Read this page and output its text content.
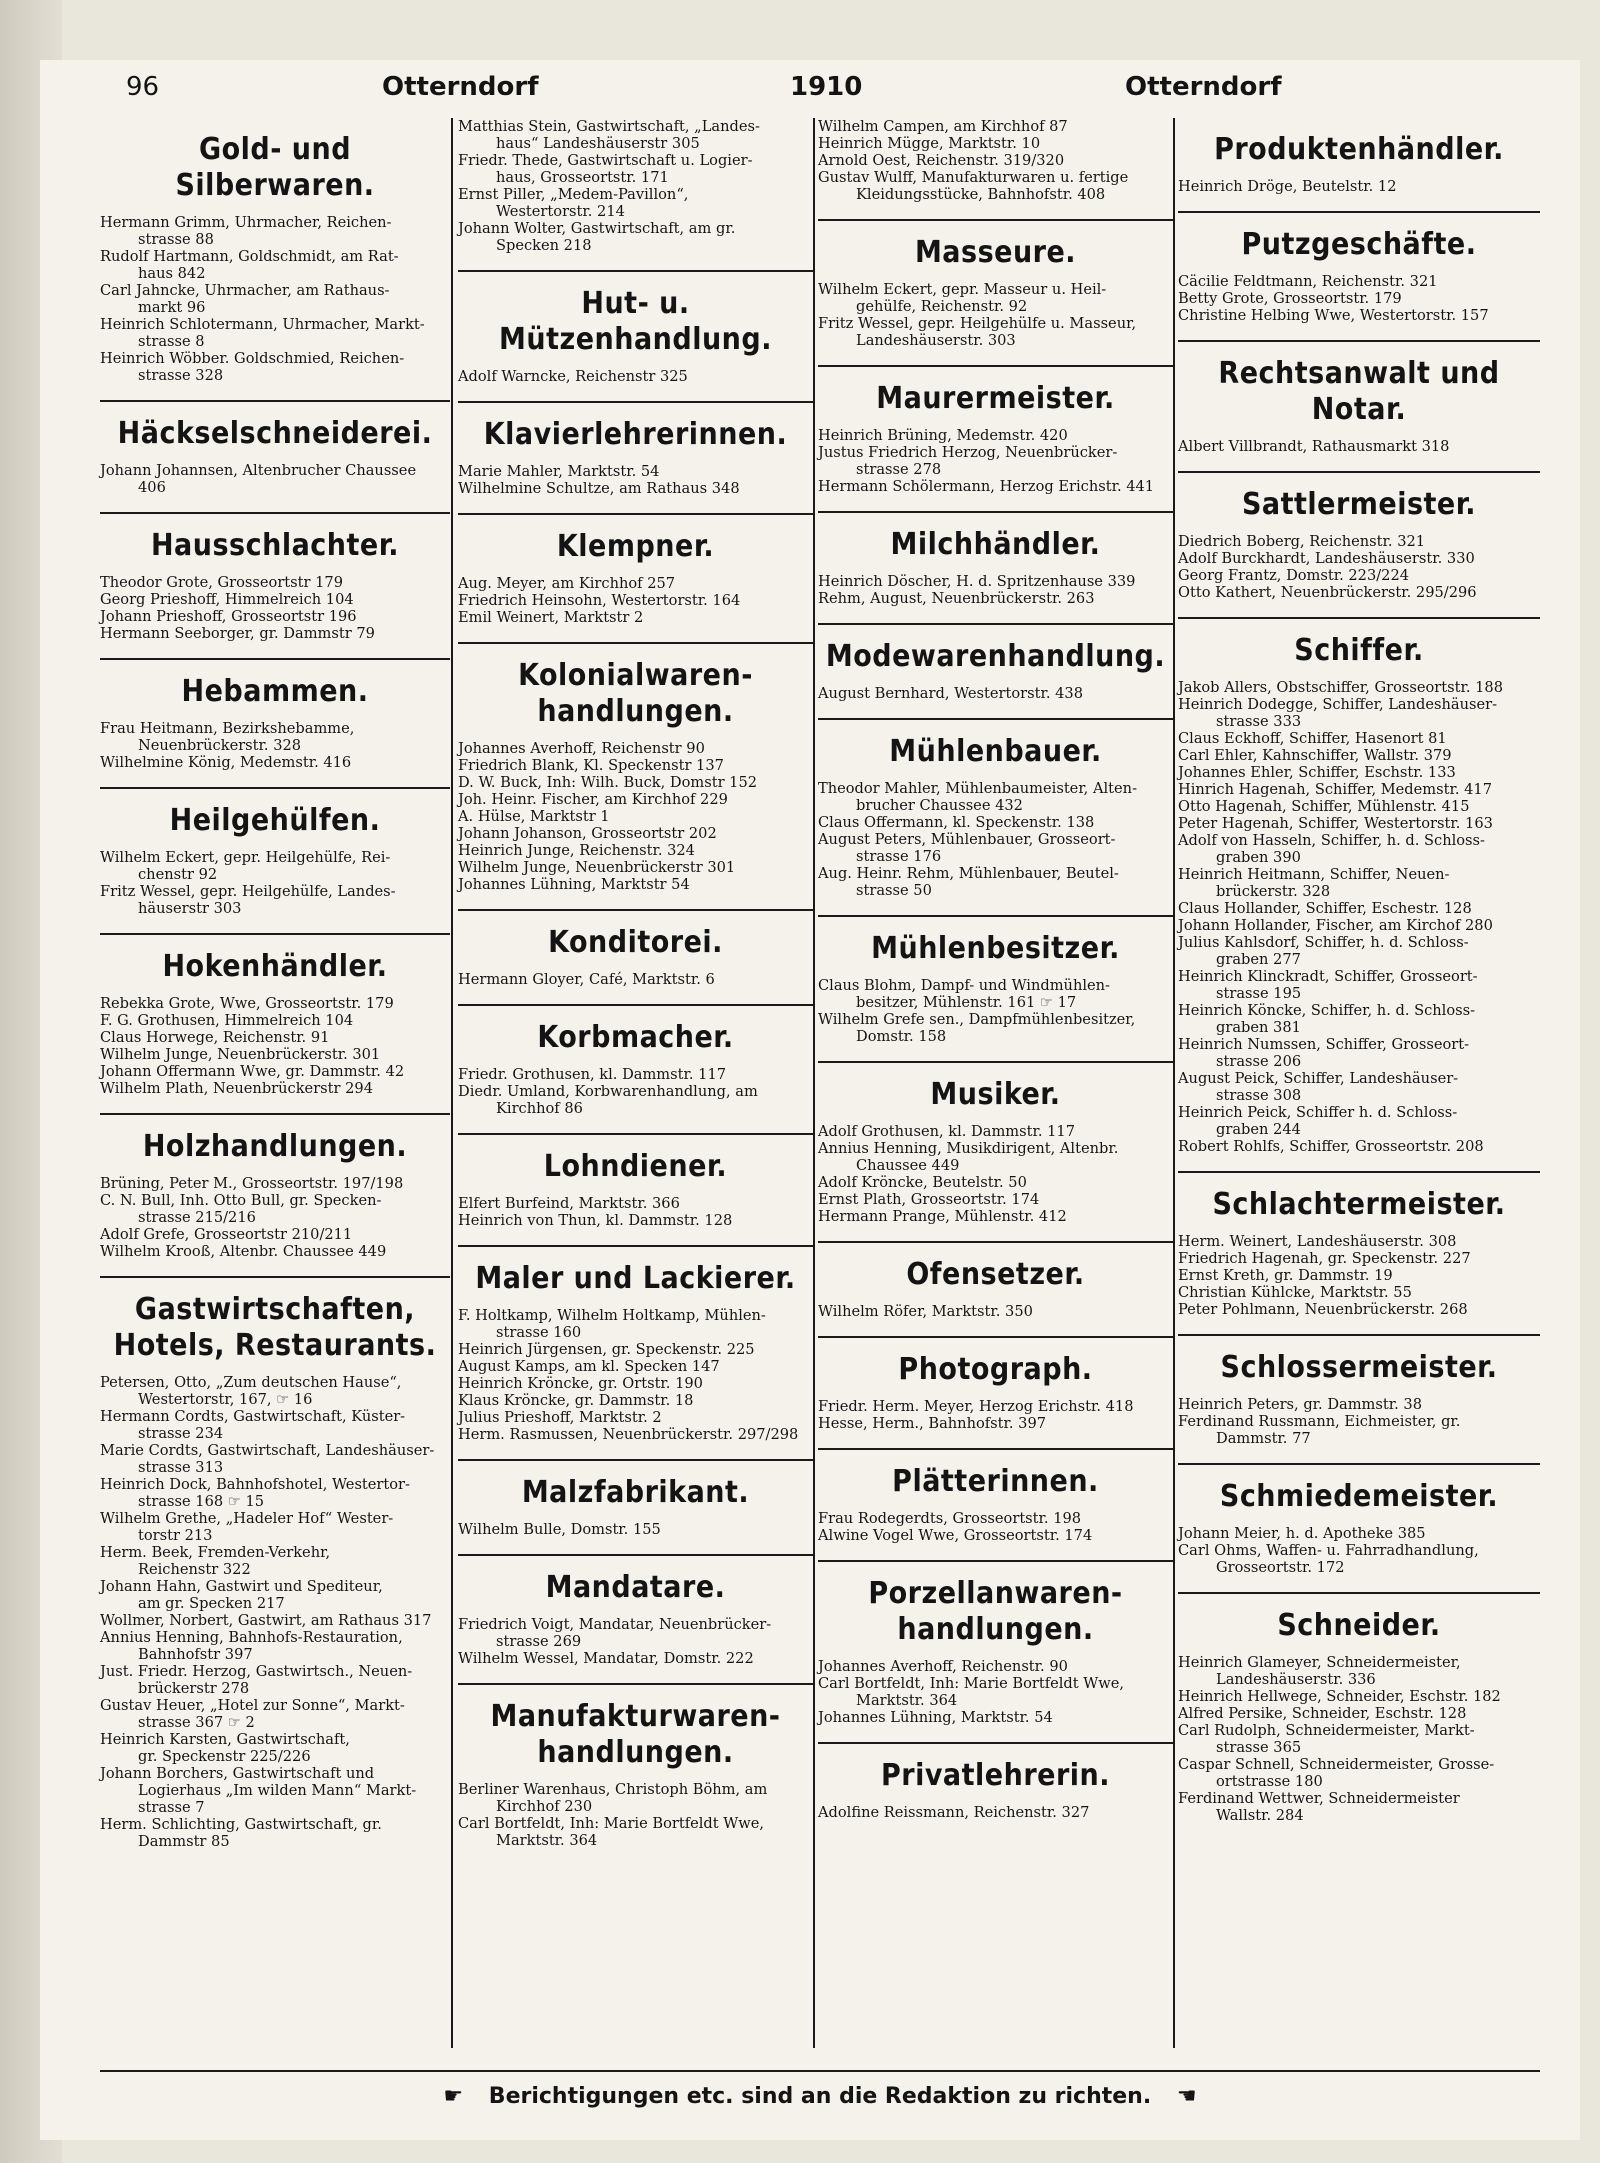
96	Otterndorf	1910	Otterndorf
Gold- und Silberwaren.
Hermann Grimm, Uhrmacher, Reichen-
strasse 88
Rudolf Hartmann, Goldschmidt, am Rat-
haus 842
Carl Jahncke, Uhrmacher, am Rathaus-
markt 96
Heinrich Schlotermann, Uhrmacher, Markt-
strasse 8
Heinrich Wöbber. Goldschmied, Reichen-
strasse 328
Häckselschneiderei.
Johann Johannsen, Altenbrucher Chaussee
406
Hausschlachter.
Theodor Grote, Grosseortstr 179
Georg Prieshoff, Himmelreich 104
Johann Prieshoff, Grosseortstr 196
Hermann Seeborger, gr. Dammstr 79
Hebammen.
Frau Heitmann, Bezirkshebamme,
Neuenbrückerstr. 328
Wilhelmine König, Medemstr. 416
Heilgehülfen.
Wilhelm Eckert, gepr. Heilgehülfe, Rei-
chenstr 92
Fritz Wessel, gepr. Heilgehülfe, Landes-
häuserstr 303
Hokenhändler.
Rebekka Grote, Wwe, Grosseortstr. 179
F. G. Grothusen, Himmelreich 104
Claus Horwege, Reichenstr. 91
Wilhelm Junge, Neuenbrückerstr. 301
Johann Offermann Wwe, gr. Dammstr. 42
Wilhelm Plath, Neuenbrückerstr 294
Holzhandlungen.
Brüning, Peter M., Grosseortstr. 197/198
C. N. Bull, Inh. Otto Bull, gr. Specken-
strasse 215/216
Adolf Grefe, Grosseortstr 210/211
Wilhelm Krooß, Altenbr. Chaussee 449
Gastwirtschaften, Hotels, Restaurants.
Petersen, Otto, „Zum deutschen Hause“,
Westertorstr, 167, ☞ 16
Hermann Cordts, Gastwirtschaft, Küster-
strasse 234
Marie Cordts, Gastwirtschaft, Landeshäuser-
strasse 313
Heinrich Dock, Bahnhofshotel, Westertor-
strasse 168 ☞ 15
Wilhelm Grethe, „Hadeler Hof“ Wester-
torstr 213
Herm. Beek, Fremden-Verkehr,
Reichenstr 322
Johann Hahn, Gastwirt und Spediteur,
am gr. Specken 217
Wollmer, Norbert, Gastwirt, am Rathaus 317
Annius Henning, Bahnhofs-Restauration,
Bahnhofstr 397
Just. Friedr. Herzog, Gastwirtsch., Neuen-
brückerstr 278
Gustav Heuer, „Hotel zur Sonne“, Markt-
strasse 367 ☞ 2
Heinrich Karsten, Gastwirtschaft,
gr. Speckenstr 225/226
Johann Borchers, Gastwirtschaft und
Logierhaus „Im wilden Mann“ Markt-
strasse 7
Herm. Schlichting, Gastwirtschaft, gr.
Dammstr 85
Matthias Stein, Gastwirtschaft, „Landes-
haus“ Landeshäuserstr 305
Friedr. Thede, Gastwirtschaft u. Logier-
haus, Grosseortstr. 171
Ernst Piller, „Medem-Pavillon“,
Westertorstr. 214
Johann Wolter, Gastwirtschaft, am gr.
Specken 218
Hut- u. Mützenhandlung.
Adolf Warncke, Reichenstr 325
Klavierlehrerinnen.
Marie Mahler, Marktstr. 54
Wilhelmine Schultze, am Rathaus 348
Klempner.
Aug. Meyer, am Kirchhof 257
Friedrich Heinsohn, Westertorstr. 164
Emil Weinert, Marktstr 2
Kolonialwaren- handlungen.
Johannes Averhoff, Reichenstr 90
Friedrich Blank, Kl. Speckenstr 137
D. W. Buck, Inh: Wilh. Buck, Domstr 152
Joh. Heinr. Fischer, am Kirchhof 229
A. Hülse, Marktstr 1
Johann Johanson, Grosseortstr 202
Heinrich Junge, Reichenstr. 324
Wilhelm Junge, Neuenbrückerstr 301
Johannes Lühning, Marktstr 54
Konditorei.
Hermann Gloyer, Café, Marktstr. 6
Korbmacher.
Friedr. Grothusen, kl. Dammstr. 117
Diedr. Umland, Korbwarenhandlung, am
Kirchhof 86
Lohndiener.
Elfert Burfeind, Marktstr. 366
Heinrich von Thun, kl. Dammstr. 128
Maler und Lackierer.
F. Holtkamp, Wilhelm Holtkamp, Mühlen-
strasse 160
Heinrich Jürgensen, gr. Speckenstr. 225
August Kamps, am kl. Specken 147
Heinrich Kröncke, gr. Ortstr. 190
Klaus Kröncke, gr. Dammstr. 18
Julius Prieshoff, Marktstr. 2
Herm. Rasmussen, Neuenbrückerstr. 297/298
Malzfabrikant.
Wilhelm Bulle, Domstr. 155
Mandatare.
Friedrich Voigt, Mandatar, Neuenbrücker-
strasse 269
Wilhelm Wessel, Mandatar, Domstr. 222
Manufakturwaren- handlungen.
Berliner Warenhaus, Christoph Böhm, am
Kirchhof 230
Carl Bortfeldt, Inh: Marie Bortfeldt Wwe,
Marktstr. 364
Wilhelm Campen, am Kirchhof 87
Heinrich Mügge, Marktstr. 10
Arnold Oest, Reichenstr. 319/320
Gustav Wulff, Manufakturwaren u. fertige
Kleidungsstücke, Bahnhofstr. 408
Masseure.
Wilhelm Eckert, gepr. Masseur u. Heil-
gehülfe, Reichenstr. 92
Fritz Wessel, gepr. Heilgehülfe u. Masseur,
Landeshäuserstr. 303
Maurermeister.
Heinrich Brüning, Medemstr. 420
Justus Friedrich Herzog, Neuenbrücker-
strasse 278
Hermann Schölermann, Herzog Erichstr. 441
Milchhändler.
Heinrich Döscher, H. d. Spritzenhause 339
Rehm, August, Neuenbrückerstr. 263
Modewarenhandlung.
August Bernhard, Westertorstr. 438
Mühlenbauer.
Theodor Mahler, Mühlenbaumeister, Alten-
brucher Chaussee 432
Claus Offermann, kl. Speckenstr. 138
August Peters, Mühlenbauer, Grosseort-
strasse 176
Aug. Heinr. Rehm, Mühlenbauer, Beutel-
strasse 50
Mühlenbesitzer.
Claus Blohm, Dampf- und Windmühlen-
besitzer, Mühlenstr. 161 ☞ 17
Wilhelm Grefe sen., Dampfmühlenbesitzer,
Domstr. 158
Musiker.
Adolf Grothusen, kl. Dammstr. 117
Annius Henning, Musikdirigent, Altenbr.
Chaussee 449
Adolf Kröncke, Beutelstr. 50
Ernst Plath, Grosseortstr. 174
Hermann Prange, Mühlenstr. 412
Ofensetzer.
Wilhelm Röfer, Marktstr. 350
Photograph.
Friedr. Herm. Meyer, Herzog Erichstr. 418
Hesse, Herm., Bahnhofstr. 397
Plätterinnen.
Frau Rodegerdts, Grosseortstr. 198
Alwine Vogel Wwe, Grosseortstr. 174
Porzellanwaren- handlungen.
Johannes Averhoff, Reichenstr. 90
Carl Bortfeldt, Inh: Marie Bortfeldt Wwe,
Marktstr. 364
Johannes Lühning, Marktstr. 54
Privatlehrerin.
Adolfine Reissmann, Reichenstr. 327
Produktenhändler.
Heinrich Dröge, Beutelstr. 12
Putzgeschäfte.
Cäcilie Feldtmann, Reichenstr. 321
Betty Grote, Grosseortstr. 179
Christine Helbing Wwe, Westertorstr. 157
Rechtsanwalt und Notar.
Albert Villbrandt, Rathausmarkt 318
Sattlermeister.
Diedrich Boberg, Reichenstr. 321
Adolf Burckhardt, Landeshäuserstr. 330
Georg Frantz, Domstr. 223/224
Otto Kathert, Neuenbrückerstr. 295/296
Schiffer.
Jakob Allers, Obstschiffer, Grosseortstr. 188
Heinrich Dodegge, Schiffer, Landeshäuser-
strasse 333
Claus Eckhoff, Schiffer, Hasenort 81
Carl Ehler, Kahnschiffer, Wallstr. 379
Johannes Ehler, Schiffer, Eschstr. 133
Hinrich Hagenah, Schiffer, Medemstr. 417
Otto Hagenah, Schiffer, Mühlenstr. 415
Peter Hagenah, Schiffer, Westertorstr. 163
Adolf von Hasseln, Schiffer, h. d. Schloss-
graben 390
Heinrich Heitmann, Schiffer, Neuen-
brückerstr. 328
Claus Hollander, Schiffer, Eschestr. 128
Johann Hollander, Fischer, am Kirchof 280
Julius Kahlsdorf, Schiffer, h. d. Schloss-
graben 277
Heinrich Klinckradt, Schiffer, Grosseort-
strasse 195
Heinrich Köncke, Schiffer, h. d. Schloss-
graben 381
Heinrich Numssen, Schiffer, Grosseort-
strasse 206
August Peick, Schiffer, Landeshäuser-
strasse 308
Heinrich Peick, Schiffer h. d. Schloss-
graben 244
Robert Rohlfs, Schiffer, Grosseortstr. 208
Schlachtermeister.
Herm. Weinert, Landeshäuserstr. 308
Friedrich Hagenah, gr. Speckenstr. 227
Ernst Kreth, gr. Dammstr. 19
Christian Kühlcke, Marktstr. 55
Peter Pohlmann, Neuenbrückerstr. 268
Schlossermeister.
Heinrich Peters, gr. Dammstr. 38
Ferdinand Russmann, Eichmeister, gr.
Dammstr. 77
Schmiedemeister.
Johann Meier, h. d. Apotheke 385
Carl Ohms, Waffen- u. Fahrradhandlung,
Grosseortstr. 172
Schneider.
Heinrich Glameyer, Schneidermeister,
Landeshäuserstr. 336
Heinrich Hellwege, Schneider, Eschstr. 182
Alfred Persike, Schneider, Eschstr. 128
Carl Rudolph, Schneidermeister, Markt-
strasse 365
Caspar Schnell, Schneidermeister, Grosse-
ortstrasse 180
Ferdinand Wettwer, Schneidermeister
Wallstr. 284
☛ Berichtigungen etc. sind an die Redaktion zu richten. ☚
